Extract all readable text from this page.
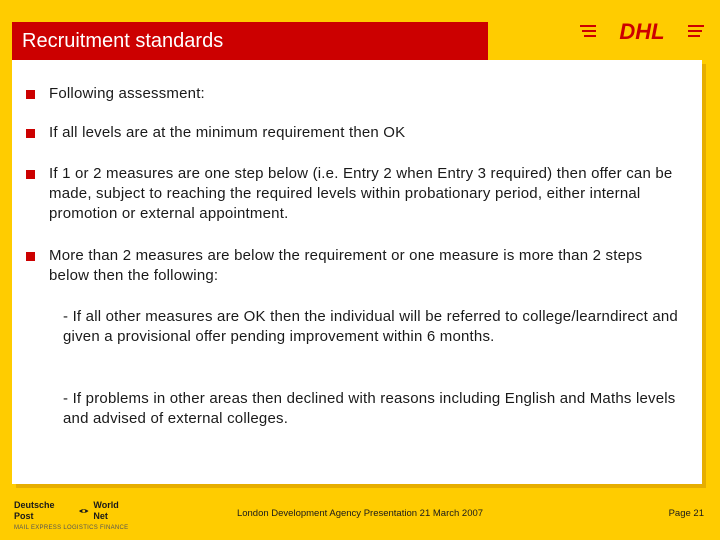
Recruitment standards	DHL
Following assessment:
If all levels are at the minimum requirement then OK
If 1 or 2 measures are one step below (i.e. Entry 2 when Entry 3 required) then offer can be made, subject to reaching the required levels within probationary period, either internal promotion or external appointment.
More than 2 measures are below the requirement or one measure is more than 2 steps below then the following:
- If all other measures are OK then the individual will be referred to college/learndirect and given a provisional offer pending improvement within 6 months.
- If problems in other areas then declined with reasons including English and Maths levels and advised of external colleges.
Deutsche Post
World Net
MAIL EXPRESS LOGISTICS FINANCE
London Development Agency Presentation 21 March 2007	Page 21
